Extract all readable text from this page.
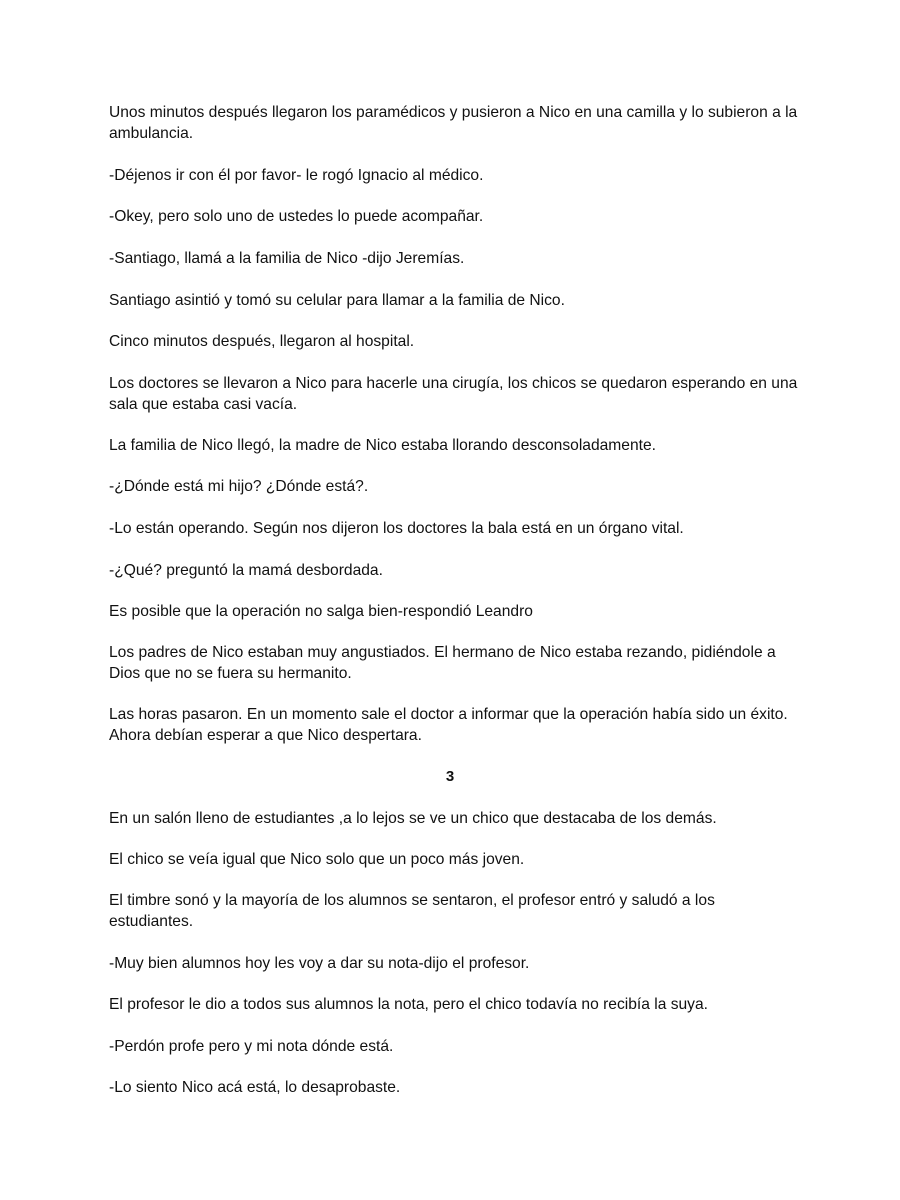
Unos minutos después llegaron los paramédicos y pusieron a Nico en una camilla y lo subieron a la ambulancia.

-Déjenos ir con él por favor- le rogó Ignacio al médico.

-Okey, pero solo uno de ustedes lo puede acompañar.

-Santiago, llamá a la familia de Nico -dijo Jeremías.

Santiago asintió y tomó su celular para llamar a la familia de Nico.

Cinco minutos después, llegaron al hospital.

Los doctores se llevaron a Nico para hacerle una cirugía, los chicos se quedaron esperando en una sala que estaba casi vacía.

La familia de Nico llegó, la madre de Nico estaba llorando desconsoladamente.

-¿Dónde está mi hijo? ¿Dónde está?.

-Lo están operando. Según nos dijeron los doctores la bala está en un órgano vital.

-¿Qué? preguntó la mamá desbordada.

Es posible que la operación no salga bien-respondió Leandro

Los padres de Nico estaban muy angustiados. El hermano de Nico estaba rezando, pidiéndole a Dios que no se fuera su hermanito.

Las horas pasaron. En un momento sale el doctor a informar que la operación había sido un éxito. Ahora debían esperar a que Nico despertara.

3

En un salón lleno de estudiantes ,a lo lejos se ve un chico que destacaba de los demás.

El chico se veía igual que Nico solo que un poco más joven.

El timbre sonó y la mayoría de los alumnos se sentaron, el profesor entró y saludó a los estudiantes.

-Muy bien alumnos hoy les voy a dar su nota-dijo el profesor.

El profesor le dio a todos sus alumnos la nota, pero el chico todavía no recibía la suya.

-Perdón profe pero y mi nota dónde está.

-Lo siento Nico acá está, lo desaprobaste.
